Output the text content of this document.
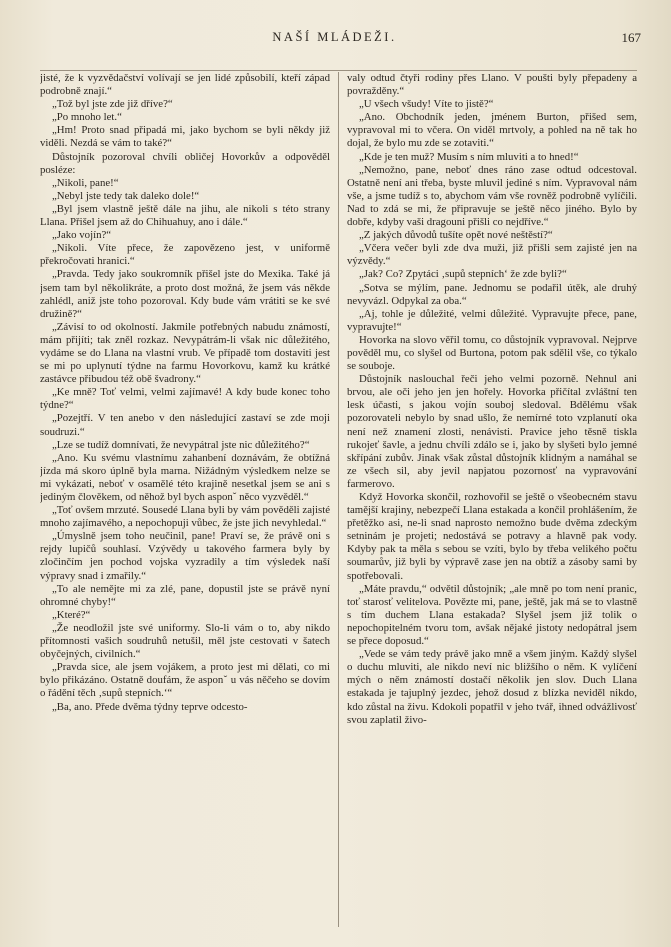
NAŠÍ MLÁDEŽI.	167

jisté, že k vyzvědačství volívají se jen lidé způsobilí, kteří západ podrobně znají.“

„Tož byl jste zde již dříve?“

„Po mnoho let.“

„Hm! Proto snad připadá mi, jako bychom se byli někdy již viděli. Nezdá se vám to také?“

Důstojník pozoroval chvíli obličej Hovorkův a odpověděl posléze:

„Nikoli, pane!“

„Nebyl jste tedy tak daleko dole!“

„Byl jsem vlastně ještě dále na jihu, ale nikoli s této strany Llana. Přišel jsem až do Chihuahuy, ano i dále.“

„Jako vojín?“

„Nikoli. Víte přece, že zapovězeno jest, v uniformě překročovati hranici.“

„Pravda. Tedy jako soukromník přišel jste do Mexika. Také já jsem tam byl několikráte, a proto dost možná, že jsem vás někde zahlédl, aniž jste toho pozoroval. Kdy bude vám vrátiti se ke své družině?“

„Závisí to od okolností. Jakmile potřebných nabudu známostí, mám přijíti; tak zněl rozkaz. Nevypátrám-li však nic důležitého, vydáme se do Llana na vlastní vrub. Ve případě tom dostaviti jest se mi po uplynutí týdne na farmu Hovorkovu, kamž ku krátké zastávce přibudou též obě švadrony.“

„Ke mně? Toť velmi, velmi zajímavé! A kdy bude konec toho týdne?“

„Pozejtří. V ten anebo v den následující zastaví se zde moji soudruzi.“

„Lze se tudíž domnívati, že nevypátral jste nic důležitého?“

„Ano. Ku svému vlastnímu zahanbení doznávám, že obtížná jízda má skoro úplně byla marna. Nižádným výsledkem nelze se mi vykázati, neboť v osamělé této krajině nesetkal jsem se ani s jediným člověkem, od něhož byl bych asponˇ něco vyzvěděl.“

„Toť ovšem mrzuté. Sousedé Llana byli by vám pověděli zajisté mnoho zajímavého, a nepochopuji vůbec, že jste jich nevyhledal.“

„Úmyslně jsem toho neučinil, pane! Praví se, že právě oni s rejdy lupičů souhlasí. Vzývědy u takového farmera byly by zločinčím jen pochod vojska vyzradily a tím výsledek naší výpravy snad i zmařily.“

„To ale nemějte mi za zlé, pane, dopustil jste se právě nyní ohromné chyby!“

„Které?“

„Že neodložil jste své uniformy. Slo-li vám o to, aby nikdo přítomnosti vašich soudruhů netušil, měl jste cestovati v šatech obyčejných, civilních.“

„Pravda sice, ale jsem vojákem, a proto jest mi dělati, co mi bylo přikázáno. Ostatně doufám, že asponˇ u vás něčeho se dovím o řádění těch ‚supů stepních.‘“

„Ba, ano. Přede dvěma týdny teprve odcesto-

valy odtud čtyři rodiny přes Llano. V poušti byly přepadeny a povražděny.“

„U všech všudy! Víte to jistě?“

„Ano. Obchodník jeden, jménem Burton, přišed sem, vypravoval mi to včera. On viděl mrtvoly, a pohled na ně tak ho dojal, že bylo mu zde se zotaviti.“

„Kde je ten muž? Musím s ním mluviti a to hned!“

„Nemožno, pane, neboť dnes ráno zase odtud odcestoval. Ostatně není ani třeba, byste mluvil jediné s ním. Vypravoval nám vše, a jsme tudíž s to, abychom vám vše rovněž podrobně vylíčili. Nad to zdá se mi, že připravuje se ještě něco jiného. Bylo by dobře, kdyby vaši dragouni přišli co nejdříve.“

„Z jakých důvodů tušíte opět nové neštěstí?“

„Včera večer byli zde dva muži, již přišli sem zajisté jen na výzvědy.“

„Jak? Co? Zpytáci ‚supů stepních‘ že zde byli?“

„Sotva se mýlím, pane. Jednomu se podařil útěk, ale druhý nevyvázl. Odpykal za oba.“

„Aj, tohle je důležité, velmi důležité. Vypravujte přece, pane, vypravujte!“

Hovorka na slovo věřil tomu, co důstojník vypravoval. Nejprve pověděl mu, co slyšel od Burtona, potom pak sdělil vše, co týkalo se souboje.

Důstojník naslouchal řeči jeho velmi pozorně. Nehnul ani brvou, ale oči jeho jen jen hořely. Hovorka přičítal zvláštní ten lesk účasti, s jakou vojín souboj sledoval. Bdělému však pozorovateli nebylo by snad ušlo, že nemírné toto vzplanutí oka není než znamení zlosti, nenávisti. Pravice jeho těsně tiskla rukojeť šavle, a jednu chvíli zdálo se i, jako by slyšeti bylo jemné skřípání zubův. Jinak však zůstal důstojník klidným a namáhal se ze všech sil, aby jevil napjatou pozornosť na vypravování farmerovo.

Když Hovorka skončil, rozhovořil se ještě o všeobecném stavu tamější krajiny, nebezpečí Llana estakada a končil prohlášením, že přetěžko asi, ne-li snad naprosto nemožno bude dvěma zdeckým setninám je projeti; nedostává se potravy a hlavně pak vody. Kdyby pak ta měla s sebou se vzíti, bylo by třeba velikého počtu soumarův, již byli by výpravě zase jen na obtíž a zásoby sami by spotřebovali.

„Máte pravdu,“ odvětil důstojník; „ale mně po tom není pranic, toť starosť velitelova. Povězte mi, pane, ještě, jak má se to vlastně s tím duchem Llana estakada? Slyšel jsem již tolik o nepochopitelném tvoru tom, avšak nějaké jistoty nedopátral jsem se přece doposud.“

„Vede se vám tedy právě jako mně a všem jiným. Každý slyšel o duchu mluviti, ale nikdo neví nic bližšího o něm. K vylíčení mých o něm známostí dostačí několik jen slov. Duch Llana estakada je tajuplný jezdec, jehož dosud z blízka neviděl nikdo, kdo zůstal na živu. Kdokoli popatřil v jeho tvář, ihned odvážlivosť svou zaplatil živo-
